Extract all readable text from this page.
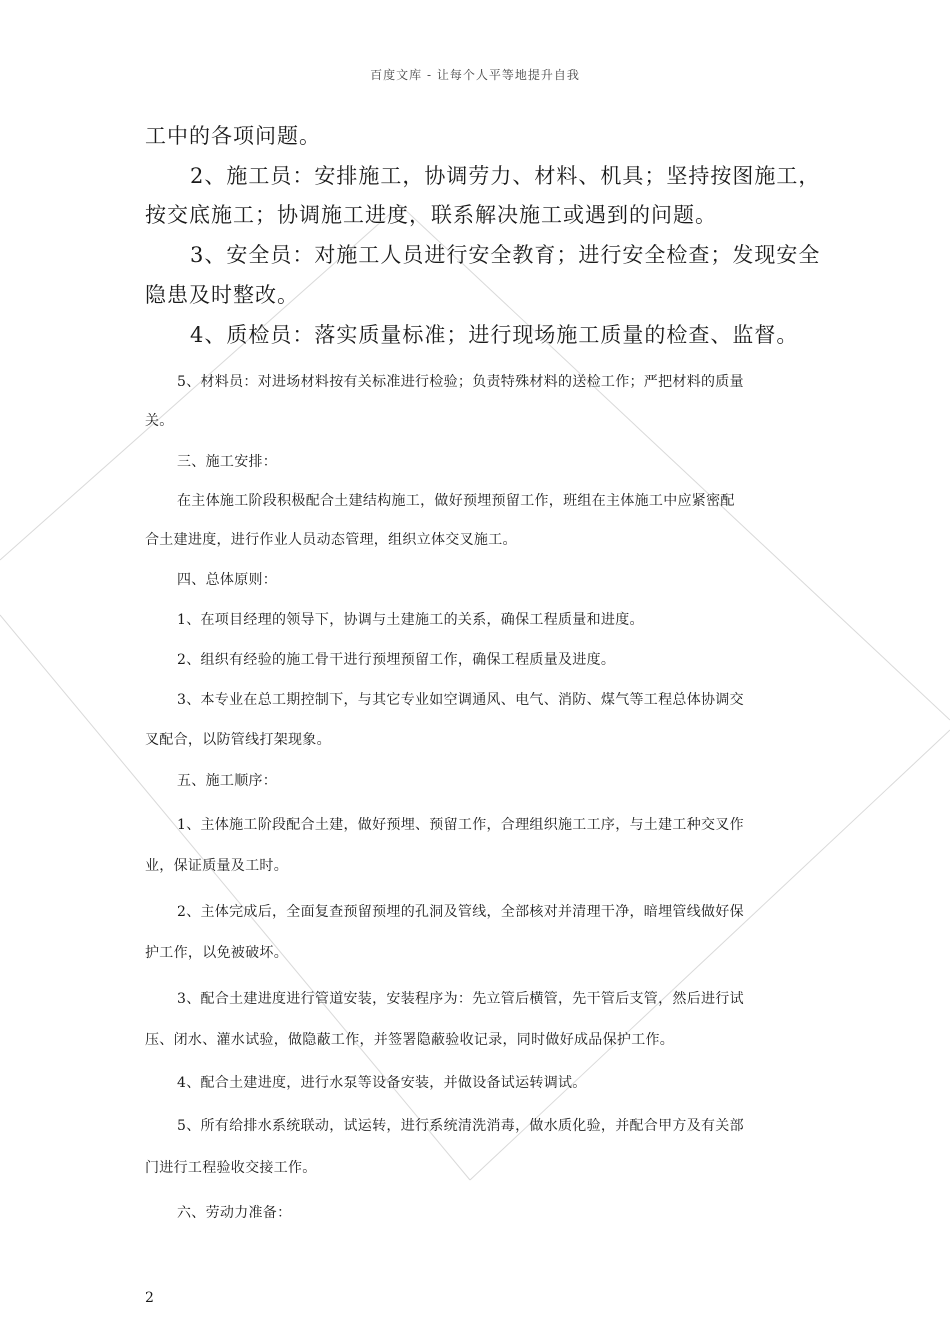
百度文库 - 让每个人平等地提升自我
工中的各项问题。
2、施工员：安排施工，协调劳力、材料、机具；坚持按图施工，
按交底施工；协调施工进度，联系解决施工或遇到的问题。
3、安全员：对施工人员进行安全教育；进行安全检查；发现安全
隐患及时整改。
4、质检员：落实质量标准；进行现场施工质量的检查、监督。
5、材料员：对进场材料按有关标准进行检验；负责特殊材料的送检工作；严把材料的质量
关。
三、施工安排：
在主体施工阶段积极配合土建结构施工，做好预埋预留工作，班组在主体施工中应紧密配
合土建进度，进行作业人员动态管理，组织立体交叉施工。
四、总体原则：
1、在项目经理的领导下，协调与土建施工的关系，确保工程质量和进度。
2、组织有经验的施工骨干进行预埋预留工作，确保工程质量及进度。
3、本专业在总工期控制下，与其它专业如空调通风、电气、消防、煤气等工程总体协调交
叉配合，以防管线打架现象。
五、施工顺序：
1、主体施工阶段配合土建，做好预埋、预留工作，合理组织施工工序，与土建工种交叉作
业，保证质量及工时。
2、主体完成后，全面复查预留预埋的孔洞及管线，全部核对并清理干净，暗埋管线做好保
护工作，以免被破坏。
3、配合土建进度进行管道安装，安装程序为：先立管后横管，先干管后支管，然后进行试
压、闭水、灌水试验，做隐蔽工作，并签署隐蔽验收记录，同时做好成品保护工作。
4、配合土建进度，进行水泵等设备安装，并做设备试运转调试。
5、所有给排水系统联动，试运转，进行系统清洗消毒，做水质化验，并配合甲方及有关部
门进行工程验收交接工作。
六、劳动力准备：
2
